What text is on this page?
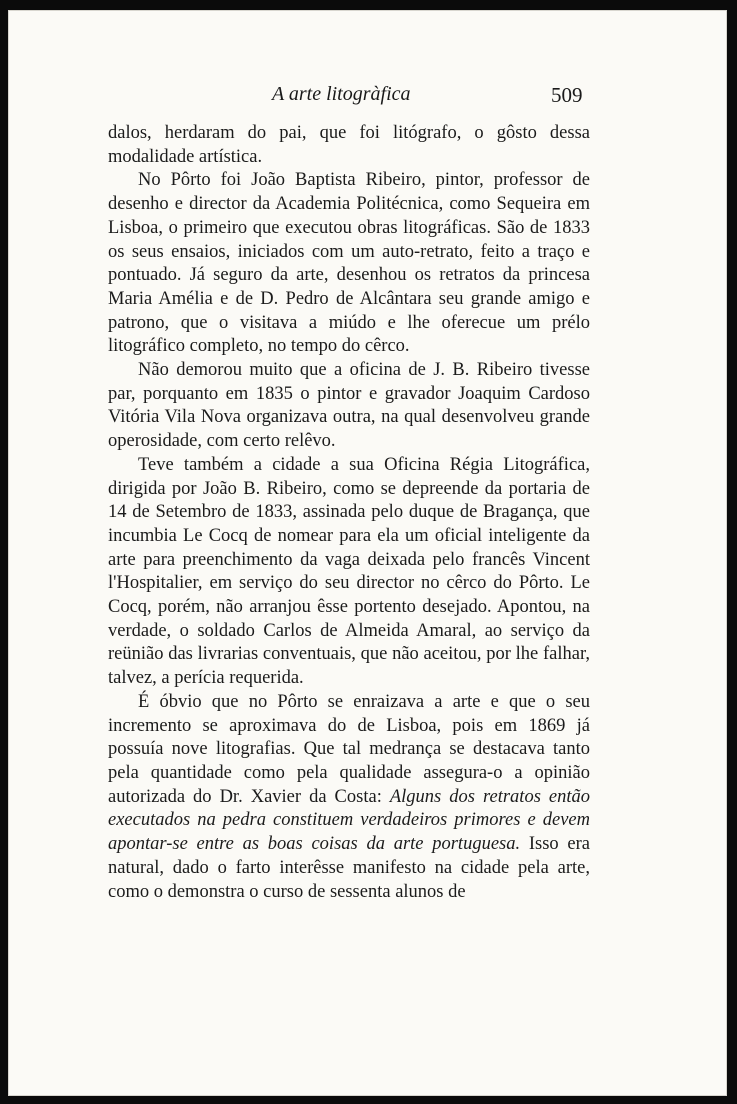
A arte litogràfica	509

dalos, herdaram do pai, que foi litógrafo, o gôsto dessa modalidade artística.

No Pôrto foi João Baptista Ribeiro, pintor, professor de desenho e director da Academia Politécnica, como Sequeira em Lisboa, o primeiro que executou obras litográficas. São de 1833 os seus ensaios, iniciados com um auto-retrato, feito a traço e pontuado. Já seguro da arte, desenhou os retratos da princesa Maria Amélia e de D. Pedro de Alcântara seu grande amigo e patrono, que o visitava a miúdo e lhe oferecue um prélo litográfico completo, no tempo do cêrco.

Não demorou muito que a oficina de J. B. Ribeiro tivesse par, porquanto em 1835 o pintor e gravador Joaquim Cardoso Vitória Vila Nova organizava outra, na qual desenvolveu grande operosidade, com certo relêvo.

Teve também a cidade a sua Oficina Régia Litográfica, dirigida por João B. Ribeiro, como se depreende da portaria de 14 de Setembro de 1833, assinada pelo duque de Bragança, que incumbia Le Cocq de nomear para ela um oficial inteligente da arte para preenchimento da vaga deixada pelo francês Vincent l'Hospitalier, em serviço do seu director no cêrco do Pôrto. Le Cocq, porém, não arranjou êsse portento desejado. Apontou, na verdade, o soldado Carlos de Almeida Amaral, ao serviço da reünião das livrarias conventuais, que não aceitou, por lhe falhar, talvez, a perícia requerida.

É óbvio que no Pôrto se enraizava a arte e que o seu incremento se aproximava do de Lisboa, pois em 1869 já possuía nove litografias. Que tal medrança se destacava tanto pela quantidade como pela qualidade assegura-o a opinião autorizada do Dr. Xavier da Costa: Alguns dos retratos então executados na pedra constituem verdadeiros primores e devem apontar-se entre as boas coisas da arte portuguesa. Isso era natural, dado o farto interêsse manifesto na cidade pela arte, como o demonstra o curso de sessenta alunos de
